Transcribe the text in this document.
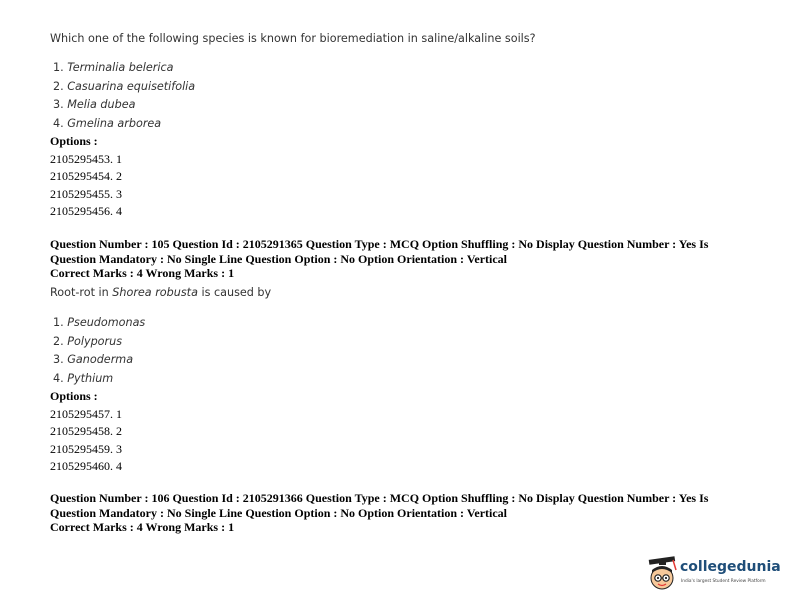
Which one of the following species is known for bioremediation in saline/alkaline soils?
1. Terminalia belerica
2. Casuarina equisetifolia
3. Melia dubea
4. Gmelina arborea
Options :
2105295453. 1
2105295454. 2
2105295455. 3
2105295456. 4
Question Number : 105 Question Id : 2105291365 Question Type : MCQ Option Shuffling : No Display Question Number : Yes Is
Question Mandatory : No Single Line Question Option : No Option Orientation : Vertical
Correct Marks : 4 Wrong Marks : 1
Root-rot in Shorea robusta is caused by
1. Pseudomonas
2. Polyporus
3. Ganoderma
4. Pythium
Options :
2105295457. 1
2105295458. 2
2105295459. 3
2105295460. 4
Question Number : 106 Question Id : 2105291366 Question Type : MCQ Option Shuffling : No Display Question Number : Yes Is
Question Mandatory : No Single Line Question Option : No Option Orientation : Vertical
Correct Marks : 4 Wrong Marks : 1
collegedunia
India's largest Student Review Platform
